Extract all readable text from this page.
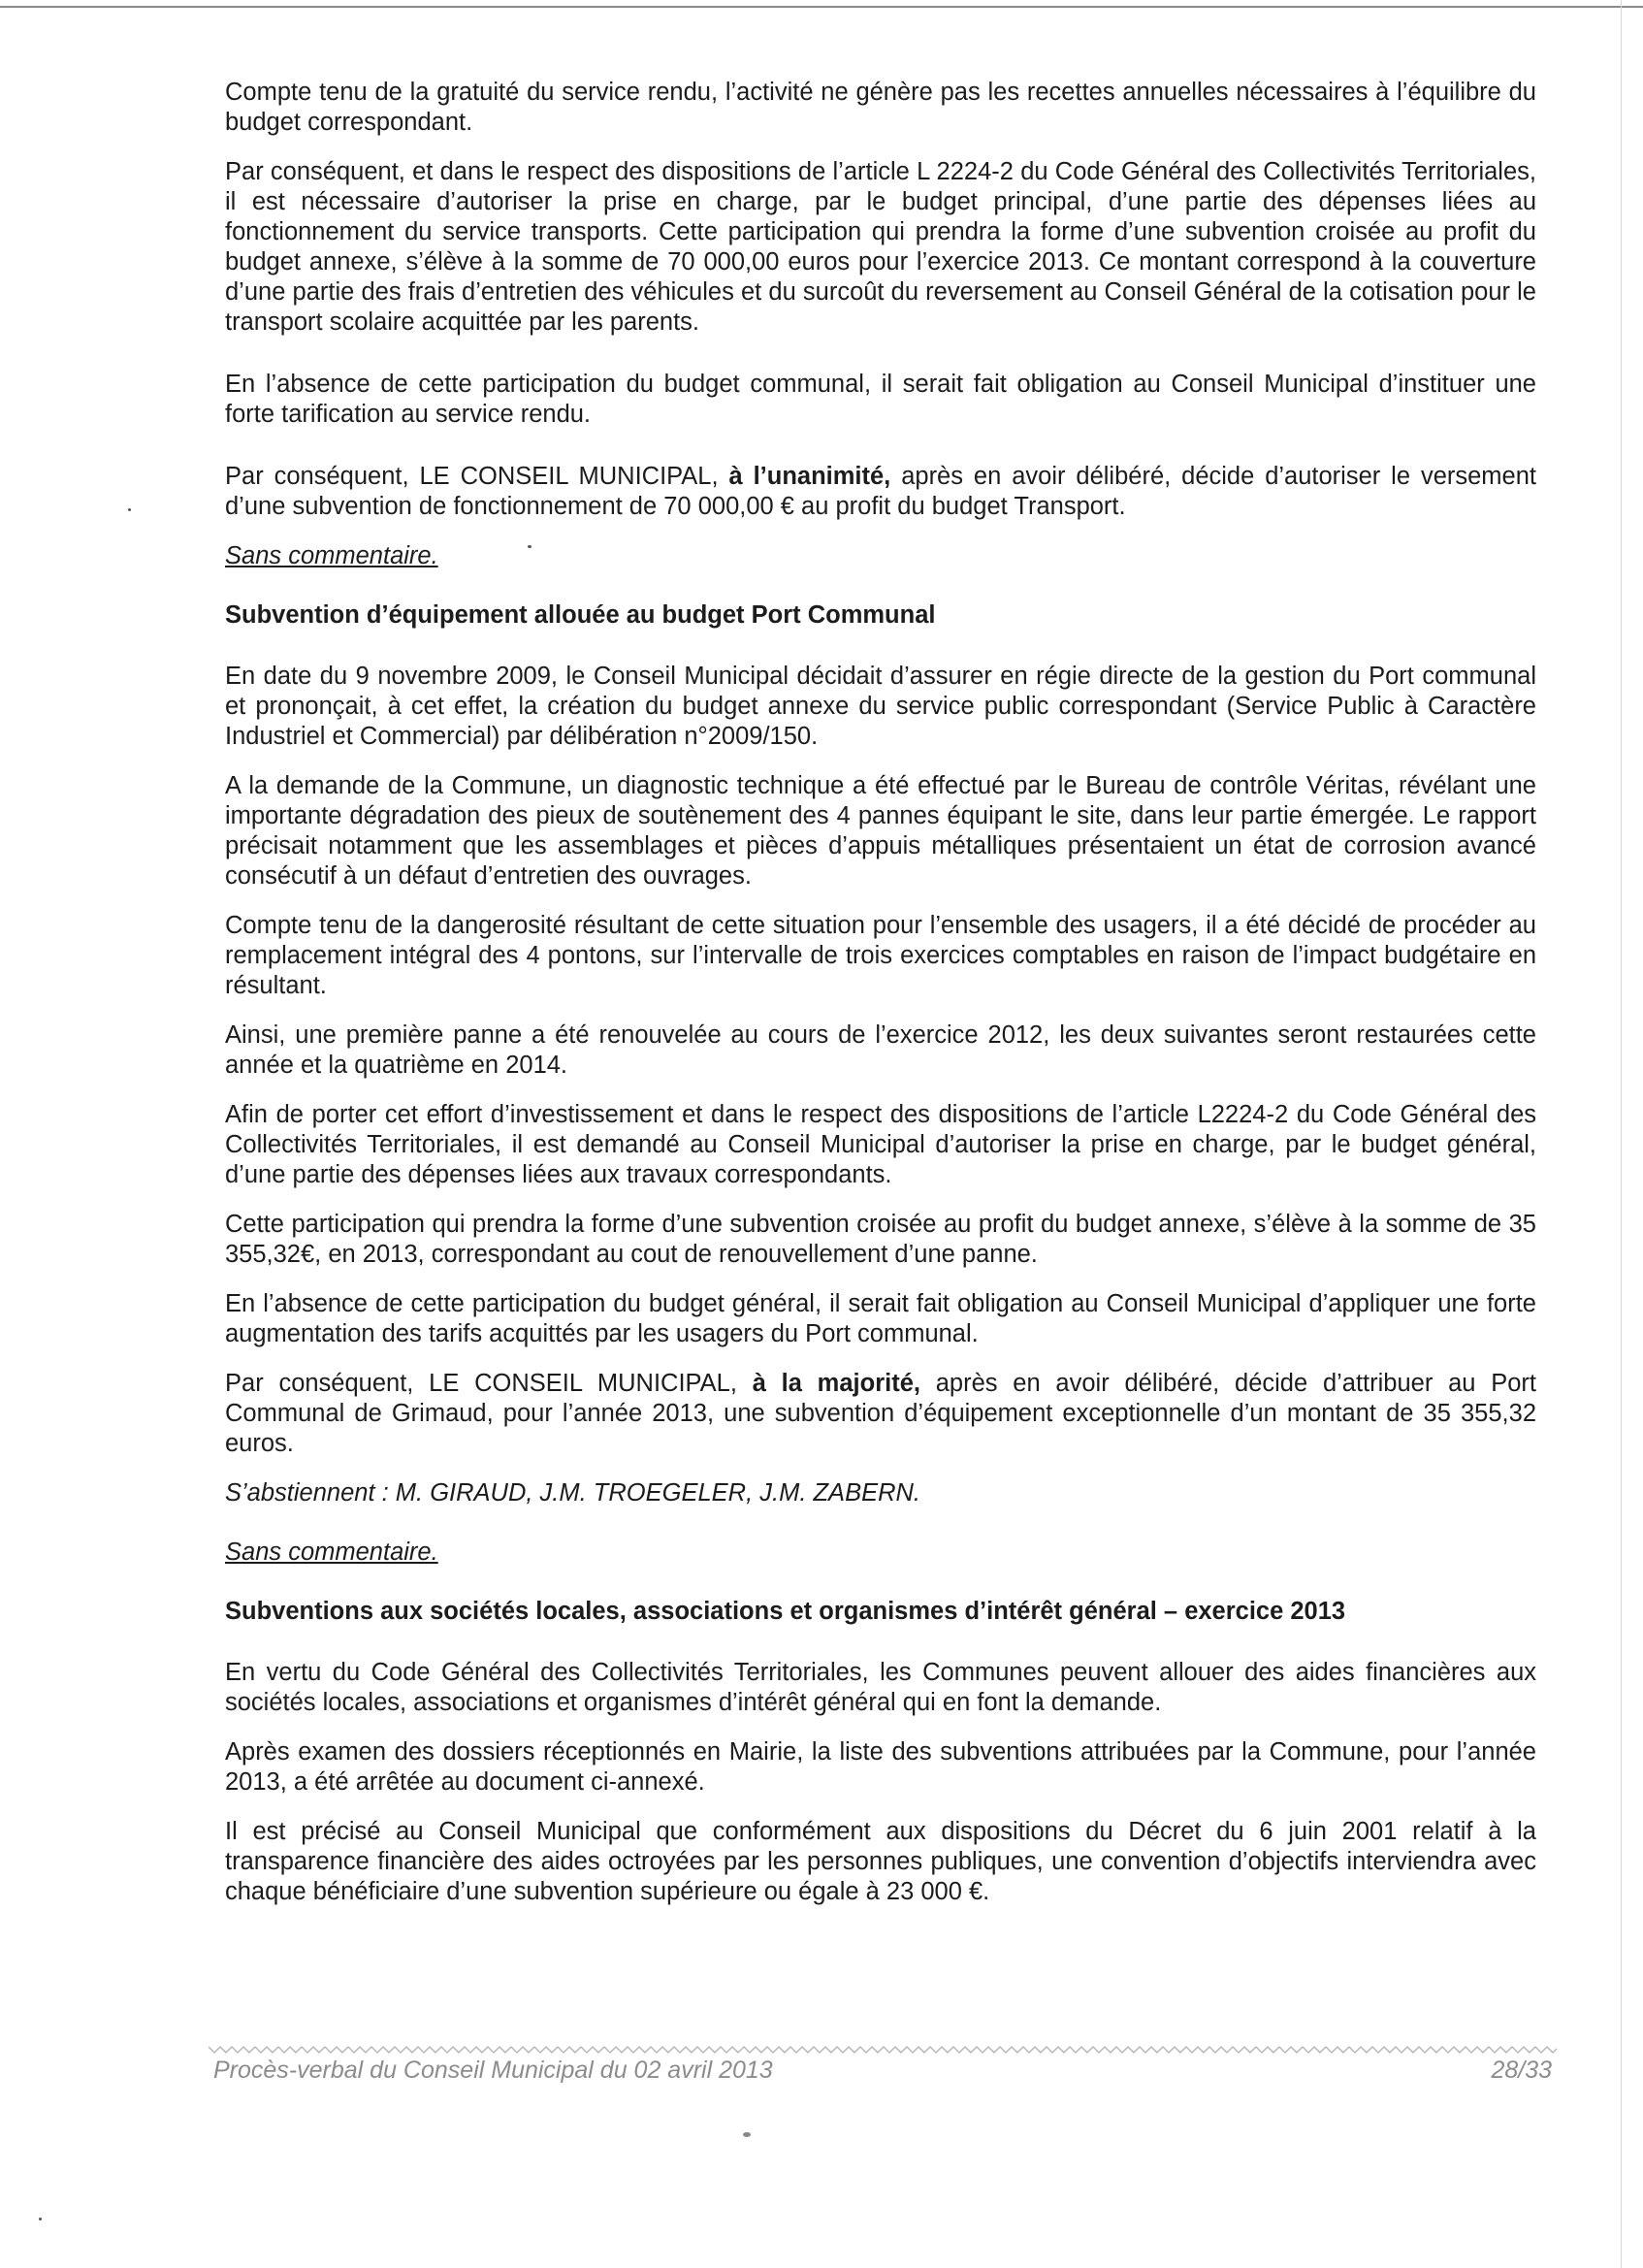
Compte tenu de la gratuité du service rendu, l’activité ne génère pas les recettes annuelles nécessaires à l’équilibre du budget correspondant.

Par conséquent, et dans le respect des dispositions de l’article L 2224-2 du Code Général des Collectivités Territoriales, il est nécessaire d’autoriser la prise en charge, par le budget principal, d’une partie des dépenses liées au fonctionnement du service transports. Cette participation qui prendra la forme d’une subvention croisée au profit du budget annexe, s’élève à la somme de 70 000,00 euros pour l’exercice 2013. Ce montant correspond à la couverture d’une partie des frais d’entretien des véhicules et du surcoût du reversement au Conseil Général de la cotisation pour le transport scolaire acquittée par les parents.

En l’absence de cette participation du budget communal, il serait fait obligation au Conseil Municipal d’instituer une forte tarification au service rendu.

Par conséquent, LE CONSEIL MUNICIPAL, à l’unanimité, après en avoir délibéré, décide d’autoriser le versement d’une subvention de fonctionnement de 70 000,00 € au profit du budget Transport.

Sans commentaire.

Subvention d’équipement allouée au budget Port Communal

En date du 9 novembre 2009, le Conseil Municipal décidait d’assurer en régie directe de la gestion du Port communal et prononçait, à cet effet, la création du budget annexe du service public correspondant (Service Public à Caractère Industriel et Commercial) par délibération n°2009/150.

A la demande de la Commune, un diagnostic technique a été effectué par le Bureau de contrôle Véritas, révélant une importante dégradation des pieux de soutènement des 4 pannes équipant le site, dans leur partie émergée. Le rapport précisait notamment que les assemblages et pièces d’appuis métalliques présentaient un état de corrosion avancé consécutif à un défaut d’entretien des ouvrages.

Compte tenu de la dangerosité résultant de cette situation pour l’ensemble des usagers, il a été décidé de procéder au remplacement intégral des 4 pontons, sur l’intervalle de trois exercices comptables en raison de l’impact budgétaire en résultant.

Ainsi, une première panne a été renouvelée au cours de l’exercice 2012, les deux suivantes seront restaurées cette année et la quatrième en 2014.

Afin de porter cet effort d’investissement et dans le respect des dispositions de l’article L2224-2 du Code Général des Collectivités Territoriales, il est demandé au Conseil Municipal d’autoriser la prise en charge, par le budget général, d’une partie des dépenses liées aux travaux correspondants.

Cette participation qui prendra la forme d’une subvention croisée au profit du budget annexe, s’élève à la somme de 35 355,32€, en 2013, correspondant au cout de renouvellement d’une panne.

En l’absence de cette participation du budget général, il serait fait obligation au Conseil Municipal d’appliquer une forte augmentation des tarifs acquittés par les usagers du Port communal.

Par conséquent, LE CONSEIL MUNICIPAL, à la majorité, après en avoir délibéré, décide d’attribuer au Port Communal de Grimaud, pour l’année 2013, une subvention d’équipement exceptionnelle d’un montant de 35 355,32 euros.

S’abstiennent : M. GIRAUD, J.M. TROEGELER, J.M. ZABERN.

Sans commentaire.

Subventions aux sociétés locales, associations et organismes d’intérêt général – exercice 2013

En vertu du Code Général des Collectivités Territoriales, les Communes peuvent allouer des aides financières aux sociétés locales, associations et organismes d’intérêt général qui en font la demande.

Après examen des dossiers réceptionnés en Mairie, la liste des subventions attribuées par la Commune, pour l’année 2013, a été arrêtée au document ci-annexé.

Il est précisé au Conseil Municipal que conformément aux dispositions du Décret du 6 juin 2001 relatif à la transparence financière des aides octroyées par les personnes publiques, une convention d’objectifs interviendra avec chaque bénéficiaire d’une subvention supérieure ou égale à 23 000 €.

Procès-verbal du Conseil Municipal du 02 avril 2013	28/33
